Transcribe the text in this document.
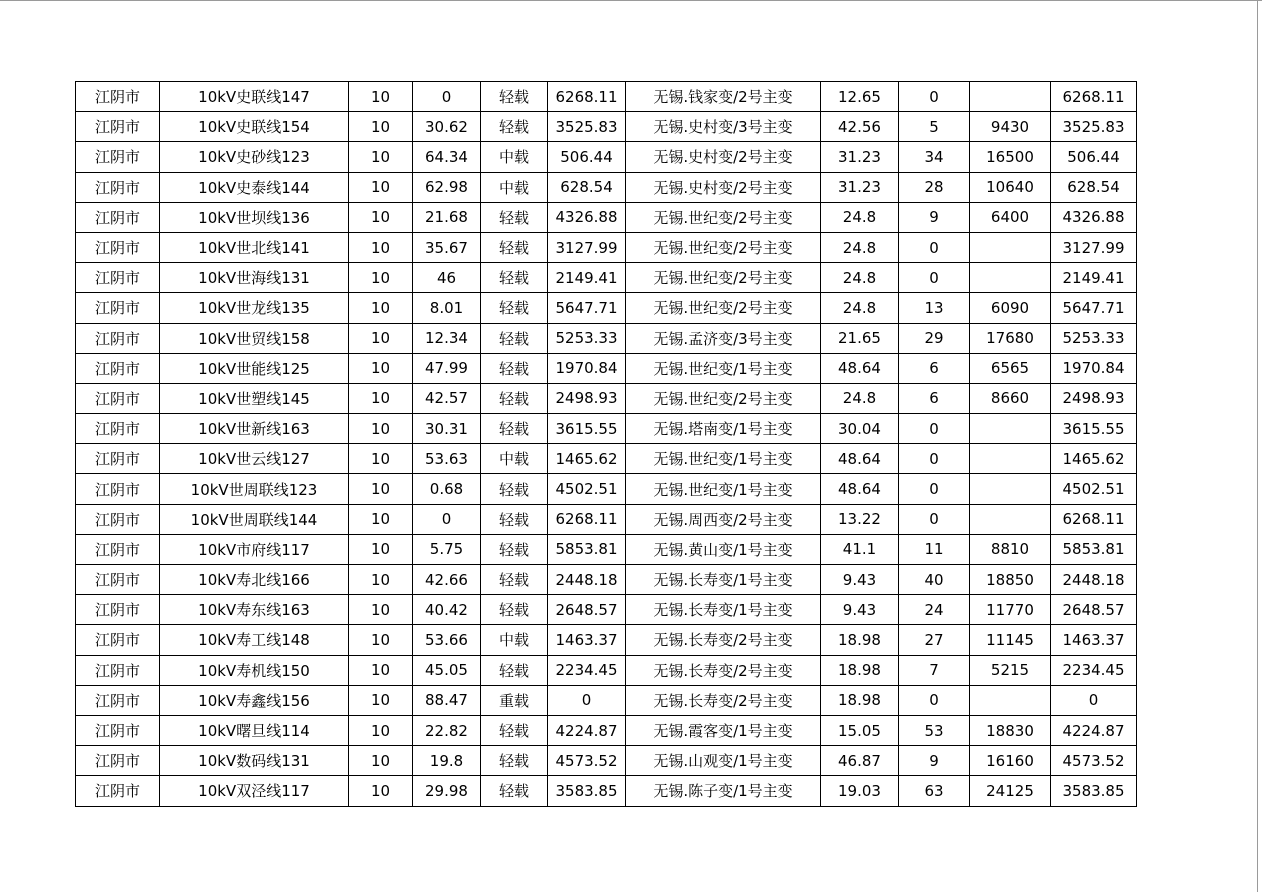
江阴市	10kV史联线147	10	0	轻载	6268.11	无锡.钱家变/2号主变	12.65	0		6268.11
江阴市	10kV史联线154	10	30.62	轻载	3525.83	无锡.史村变/3号主变	42.56	5	9430	3525.83
江阴市	10kV史砂线123	10	64.34	中载	506.44	无锡.史村变/2号主变	31.23	34	16500	506.44
江阴市	10kV史泰线144	10	62.98	中载	628.54	无锡.史村变/2号主变	31.23	28	10640	628.54
江阴市	10kV世坝线136	10	21.68	轻载	4326.88	无锡.世纪变/2号主变	24.8	9	6400	4326.88
江阴市	10kV世北线141	10	35.67	轻载	3127.99	无锡.世纪变/2号主变	24.8	0		3127.99
江阴市	10kV世海线131	10	46	轻载	2149.41	无锡.世纪变/2号主变	24.8	0		2149.41
江阴市	10kV世龙线135	10	8.01	轻载	5647.71	无锡.世纪变/2号主变	24.8	13	6090	5647.71
江阴市	10kV世贸线158	10	12.34	轻载	5253.33	无锡.孟济变/3号主变	21.65	29	17680	5253.33
江阴市	10kV世能线125	10	47.99	轻载	1970.84	无锡.世纪变/1号主变	48.64	6	6565	1970.84
江阴市	10kV世塑线145	10	42.57	轻载	2498.93	无锡.世纪变/2号主变	24.8	6	8660	2498.93
江阴市	10kV世新线163	10	30.31	轻载	3615.55	无锡.塔南变/1号主变	30.04	0		3615.55
江阴市	10kV世云线127	10	53.63	中载	1465.62	无锡.世纪变/1号主变	48.64	0		1465.62
江阴市	10kV世周联线123	10	0.68	轻载	4502.51	无锡.世纪变/1号主变	48.64	0		4502.51
江阴市	10kV世周联线144	10	0	轻载	6268.11	无锡.周西变/2号主变	13.22	0		6268.11
江阴市	10kV市府线117	10	5.75	轻载	5853.81	无锡.黄山变/1号主变	41.1	11	8810	5853.81
江阴市	10kV寿北线166	10	42.66	轻载	2448.18	无锡.长寿变/1号主变	9.43	40	18850	2448.18
江阴市	10kV寿东线163	10	40.42	轻载	2648.57	无锡.长寿变/1号主变	9.43	24	11770	2648.57
江阴市	10kV寿工线148	10	53.66	中载	1463.37	无锡.长寿变/2号主变	18.98	27	11145	1463.37
江阴市	10kV寿机线150	10	45.05	轻载	2234.45	无锡.长寿变/2号主变	18.98	7	5215	2234.45
江阴市	10kV寿鑫线156	10	88.47	重载	0	无锡.长寿变/2号主变	18.98	0		0
江阴市	10kV曙旦线114	10	22.82	轻载	4224.87	无锡.霞客变/1号主变	15.05	53	18830	4224.87
江阴市	10kV数码线131	10	19.8	轻载	4573.52	无锡.山观变/1号主变	46.87	9	16160	4573.52
江阴市	10kV双泾线117	10	29.98	轻载	3583.85	无锡.陈子变/1号主变	19.03	63	24125	3583.85
